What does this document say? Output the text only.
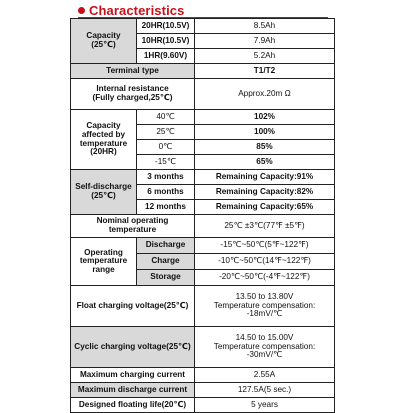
Characteristics
Capacity
(25℃)	20HR(10.5V)	8.5Ah
	10HR(10.5V)	7.9Ah
	1HR(9.60V)	5.2Ah
Terminal type		T1/T2

Internal resistance
(Fully charged,25℃)		Approx.20m Ω

Capacity
affected by
temperature
(20HR)	40℃	102%
	25℃	100%
	0℃	85%
	-15℃	65%

Self-discharge
(25℃)	3 months	Remaining Capacity:91%
	6 months	Remaining Capacity:82%
	12 months	Remaining Capacity:65%

Nominal operating
temperature		25℃ ±3℃(77℉ ±5℉)

Operating
temperature
range	Discharge	-15℃~50℃(5℉~122℉)
	Charge	-10℃~50℃(14℉~122℉)
	Storage	-20℃~50℃(-4℉~122℉)
Float charging voltage(25℃)		13.50 to 13.80V
Temperature compensation:
-18mV/℃

Cyclic charging voltage(25℃)		14.50 to 15.00V
Temperature compensation:
-30mV/℃

Maximum charging current		2.55A
Maximum discharge current		127.5A(5 sec.)
Designed floating life(20℃)		5 years
